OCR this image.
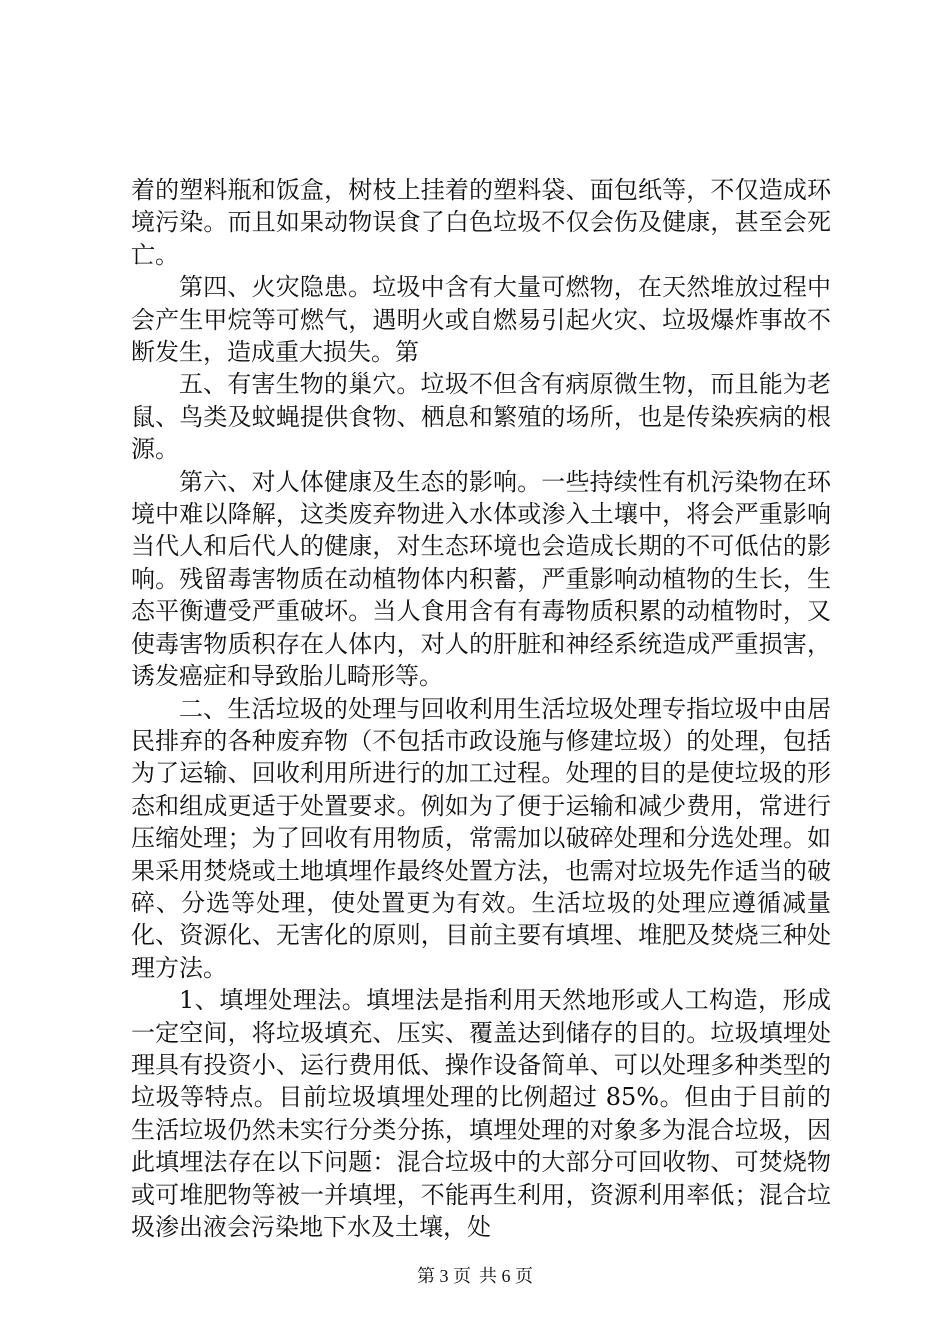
着的塑料瓶和饭盒，树枝上挂着的塑料袋、面包纸等，不仅造成环境污染。而且如果动物误食了白色垃圾不仅会伤及健康，甚至会死亡。

第四、火灾隐患。垃圾中含有大量可燃物，在天然堆放过程中会产生甲烷等可燃气，遇明火或自燃易引起火灾、垃圾爆炸事故不断发生，造成重大损失。第

五、有害生物的巢穴。垃圾不但含有病原微生物，而且能为老鼠、鸟类及蚊蝇提供食物、栖息和繁殖的场所，也是传染疾病的根源。

第六、对人体健康及生态的影响。一些持续性有机污染物在环境中难以降解，这类废弃物进入水体或渗入土壤中，将会严重影响当代人和后代人的健康，对生态环境也会造成长期的不可低估的影响。残留毒害物质在动植物体内积蓄，严重影响动植物的生长，生态平衡遭受严重破坏。当人食用含有有毒物质积累的动植物时，又使毒害物质积存在人体内，对人的肝脏和神经系统造成严重损害，诱发癌症和导致胎儿畸形等。

二、生活垃圾的处理与回收利用生活垃圾处理专指垃圾中由居民排弃的各种废弃物（不包括市政设施与修建垃圾）的处理，包括为了运输、回收利用所进行的加工过程。处理的目的是使垃圾的形态和组成更适于处置要求。例如为了便于运输和减少费用，常进行压缩处理；为了回收有用物质，常需加以破碎处理和分选处理。如果采用焚烧或土地填埋作最终处置方法，也需对垃圾先作适当的破碎、分选等处理，使处置更为有效。生活垃圾的处理应遵循减量化、资源化、无害化的原则，目前主要有填埋、堆肥及焚烧三种处理方法。

1、填埋处理法。填埋法是指利用天然地形或人工构造，形成一定空间，将垃圾填充、压实、覆盖达到储存的目的。垃圾填埋处理具有投资小、运行费用低、操作设备简单、可以处理多种类型的垃圾等特点。目前垃圾填埋处理的比例超过 85%。但由于目前的生活垃圾仍然未实行分类分拣，填埋处理的对象多为混合垃圾，因此填埋法存在以下问题：混合垃圾中的大部分可回收物、可焚烧物或可堆肥物等被一并填埋，不能再生利用，资源利用率低；混合垃圾渗出液会污染地下水及土壤，处

第 3 页 共 6 页
